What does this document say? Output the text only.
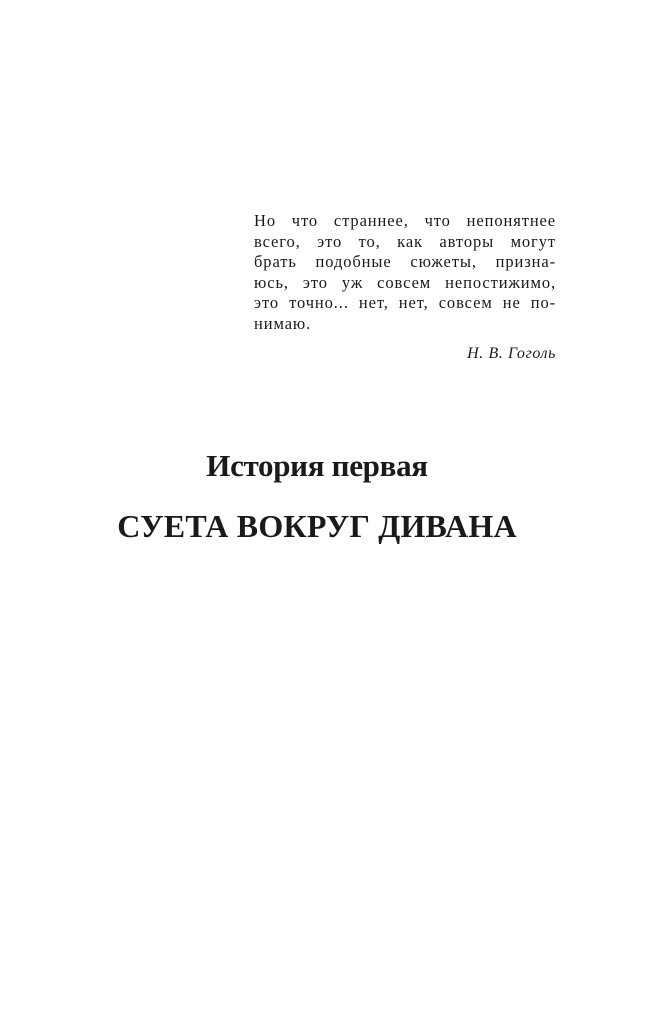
Но что страннее, что непонятнее
всего, это то, как авторы могут
брать подобные сюжеты, призна-
юсь, это уж совсем непостижимо,
это точно... нет, нет, совсем не по-
нимаю.
Н. В. Гоголь
История первая
СУЕТА ВОКРУГ ДИВАНА
